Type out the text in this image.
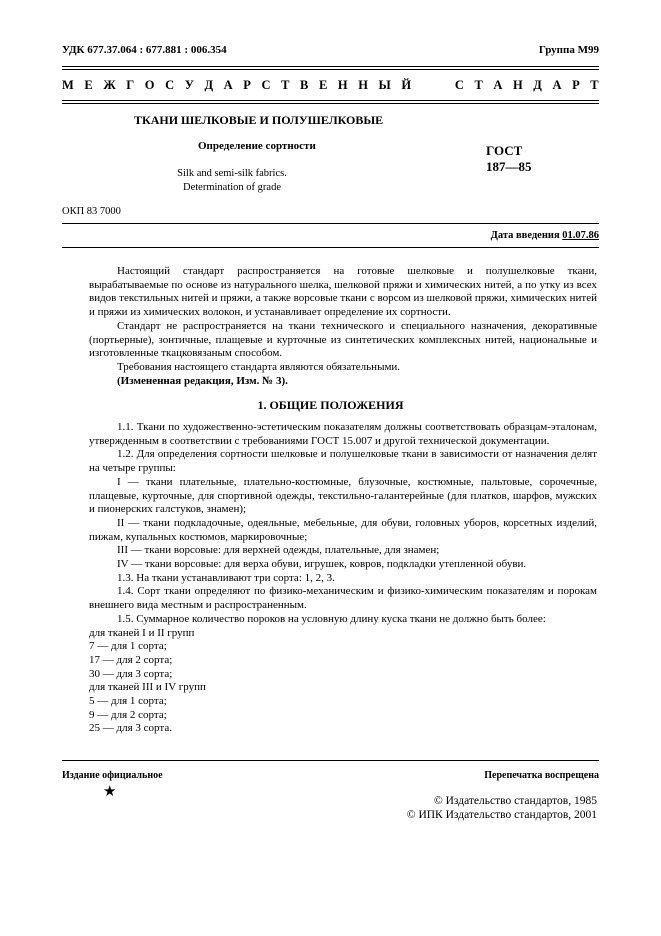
УДК 677.37.064 : 677.881 : 006.354	Группа М99
М Е Ж Г О С У Д А Р С Т В Е Н Н Ы Й	С Т А Н Д А Р Т
ТКАНИ ШЕЛКОВЫЕ И ПОЛУШЕЛКОВЫЕ
Определение сортности
Silk and semi-silk fabrics.
Determination of grade
ГОСТ
187—85
ОКП 83 7000
Дата введения 01.07.86

Настоящий стандарт распространяется на готовые шелковые и полушелковые ткани, вырабатываемые по основе из натурального шелка, шелковой пряжи и химических нитей, а по утку из всех видов текстильных нитей и пряжи, а также ворсовые ткани с ворсом из шелковой пряжи, химических нитей и пряжи из химических волокон, и устанавливает определение их сортности.

Стандарт не распространяется на ткани технического и специального назначения, декоративные (портьерные), зонтичные, плащевые и курточные из синтетических комплексных нитей, национальные и изготовленные ткацковязаным способом.

Требования настоящего стандарта являются обязательными.

(Измененная редакция, Изм. № 3).

1. ОБЩИЕ ПОЛОЖЕНИЯ

1.1. Ткани по художественно-эстетическим показателям должны соответствовать образцам-эталонам, утвержденным в соответствии с требованиями ГОСТ 15.007 и другой технической документации.

1.2. Для определения сортности шелковые и полушелковые ткани в зависимости от назначения делят на четыре группы:

I — ткани плательные, плательно-костюмные, блузочные, костюмные, пальтовые, сорочечные, плащевые, курточные, для спортивной одежды, текстильно-галантерейные (для платков, шарфов, мужских и пионерских галстуков, знамен);

II — ткани подкладочные, одеяльные, мебельные, для обуви, головных уборов, корсетных изделий, пижам, купальных костюмов, маркировочные;

III — ткани ворсовые: для верхней одежды, плательные, для знамен;

IV — ткани ворсовые: для верха обуви, игрушек, ковров, подкладки утепленной обуви.

1.3. На ткани устанавливают три сорта: 1, 2, 3.

1.4. Сорт ткани определяют по физико-механическим и физико-химическим показателям и порокам внешнего вида местным и распространенным.

1.5. Суммарное количество пороков на условную длину куска ткани не должно быть более:

для тканей I и II групп

7 — для 1 сорта;

17 — для 2 сорта;

30 — для 3 сорта;

для тканей III и IV групп

5 — для 1 сорта;

9 — для 2 сорта;

25 — для 3 сорта.

Издание официальное	Перепечатка воспрещена
★
© Издательство стандартов, 1985
© ИПК Издательство стандартов, 2001
